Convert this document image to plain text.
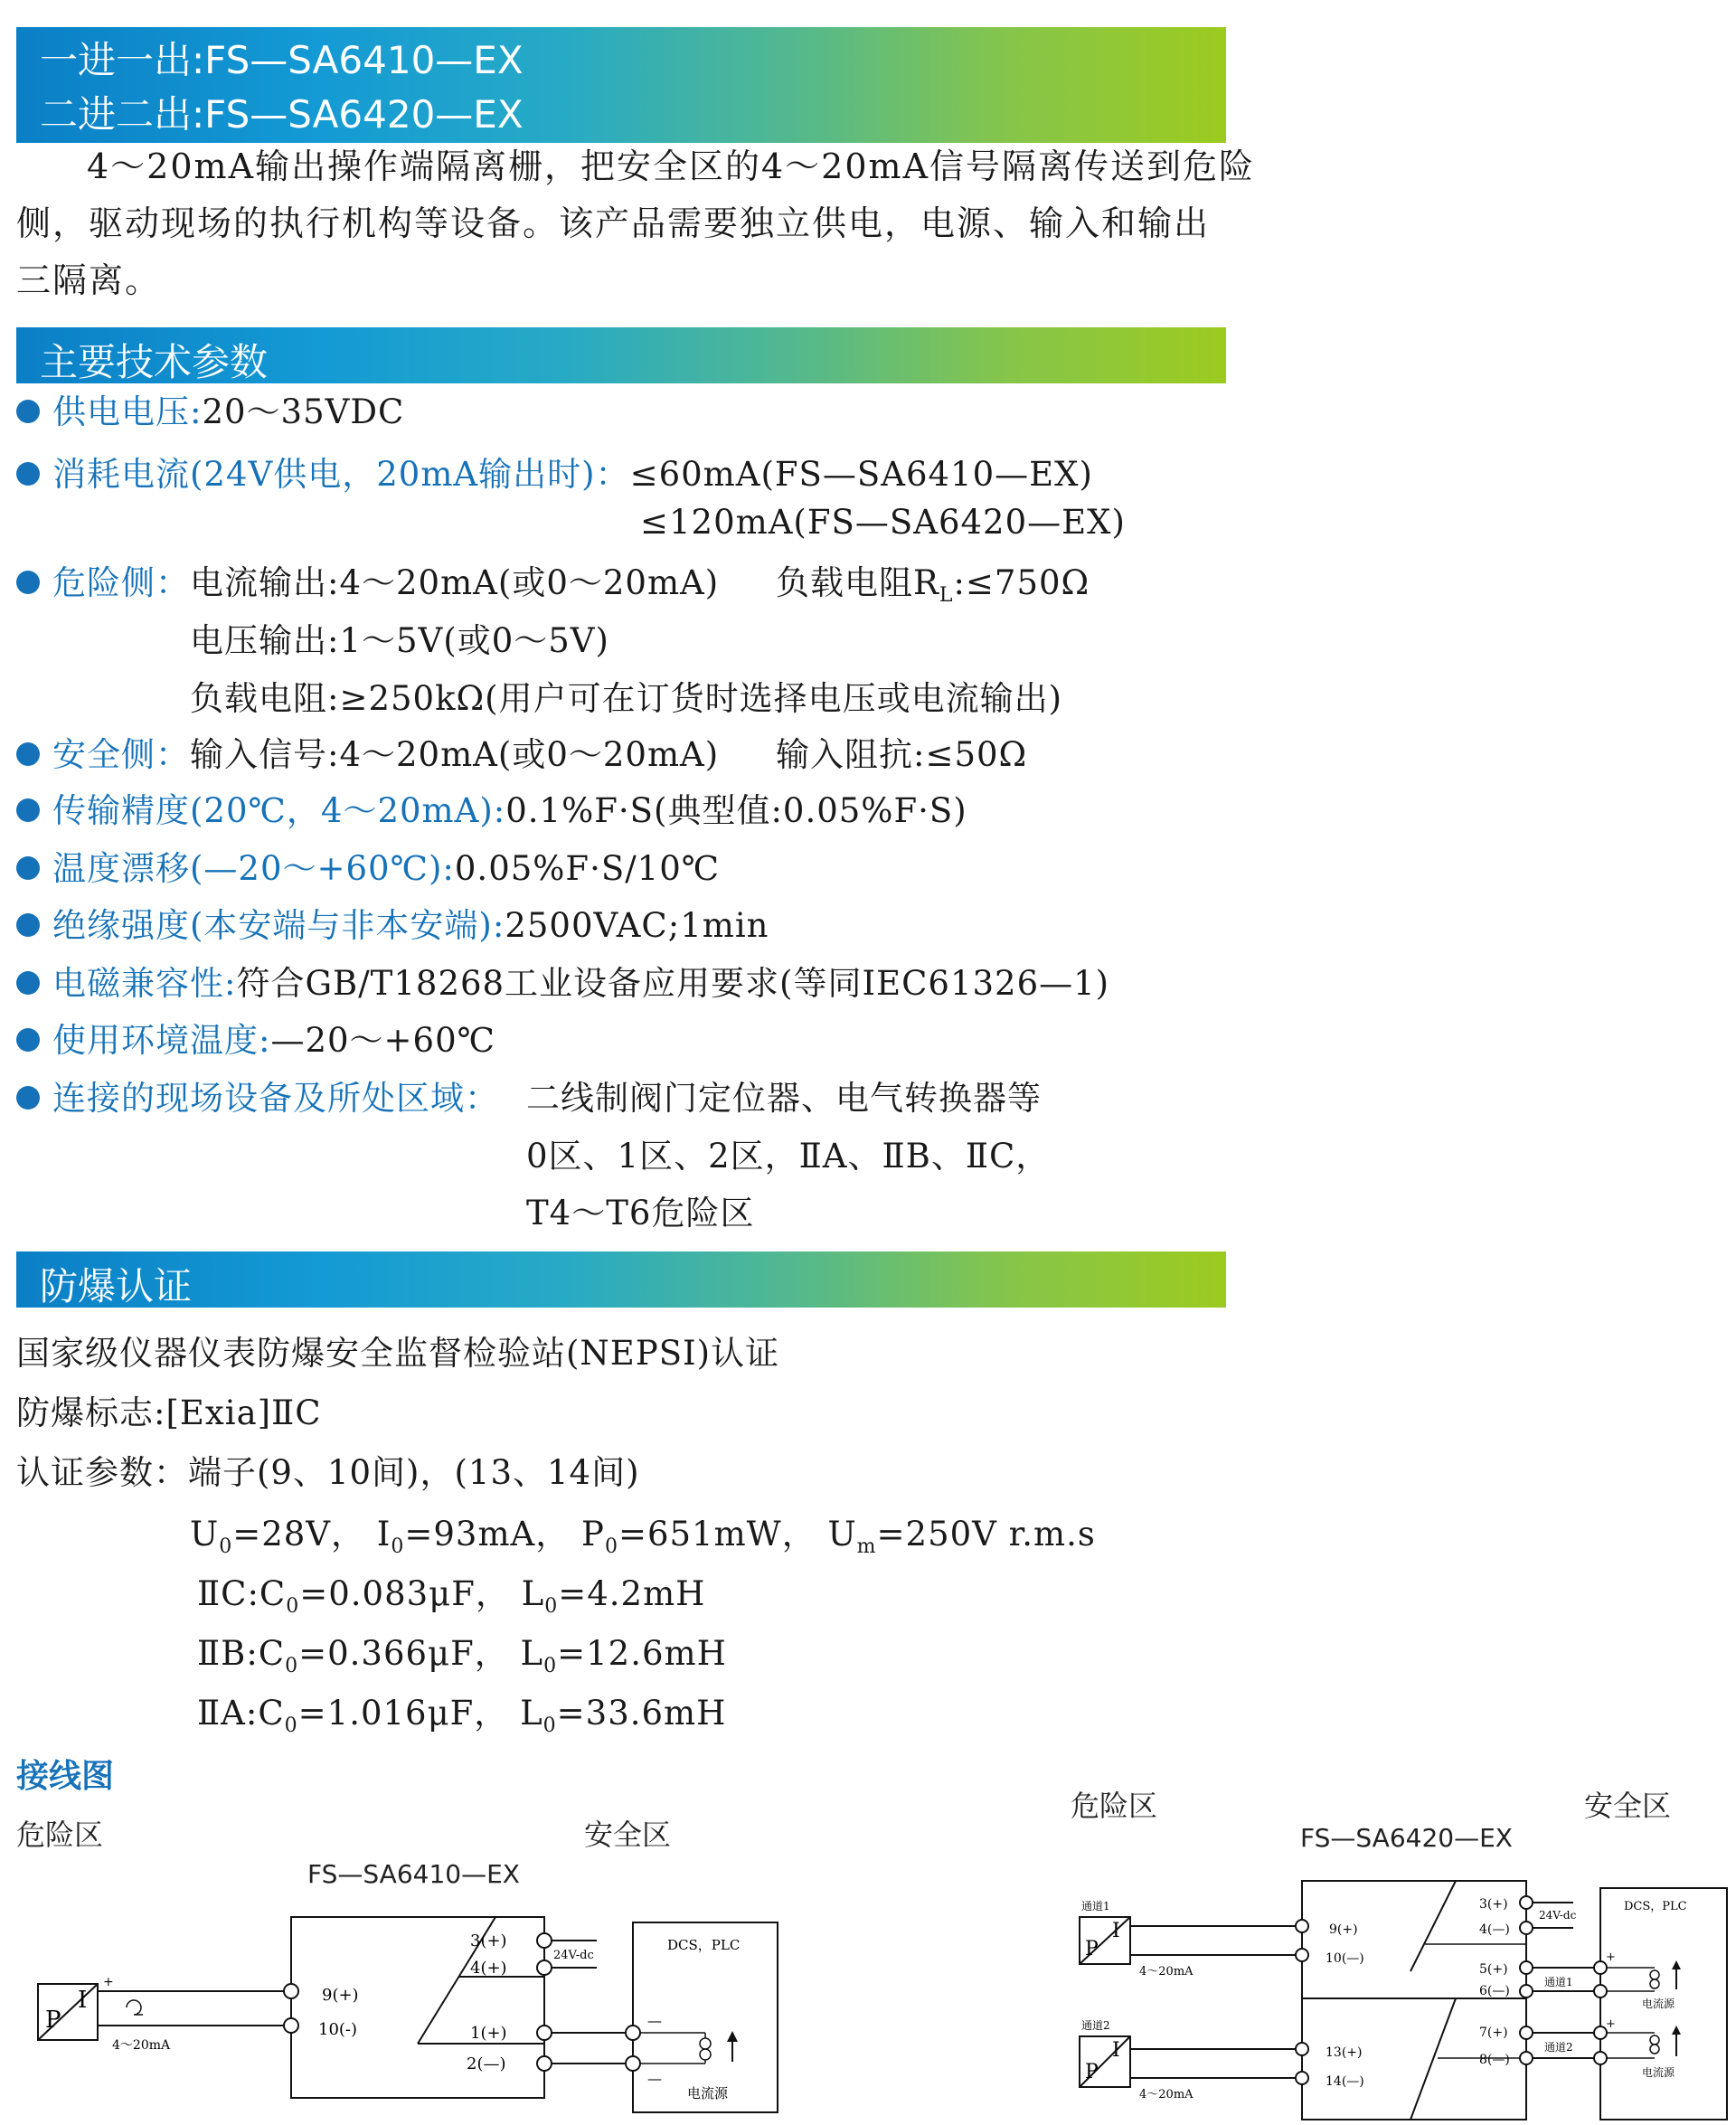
一进一出:FS—SA6410—EX
二进二出:FS—SA6420—EX
4～20mA输出操作端隔离栅，把安全区的4～20mA信号隔离传送到危险
侧，驱动现场的执行机构等设备。该产品需要独立供电，电源、输入和输出
三隔离。
主要技术参数
供电电压:20～35VDC
消耗电流(24V供电，20mA输出时)：≤60mA(FS—SA6410—EX)
≤120mA(FS—SA6420—EX)
危险侧：电流输出:4～20mA(或0～20mA) 负载电阻$R_L:\le 750\Omega$
电压输出:1～5V(或0～5V)
负载电阻:≥250kΩ(用户可在订货时选择电压或电流输出)
安全侧：输入信号:4～20mA(或0～20mA) 输入阻抗:≤50Ω
传输精度(20℃，4～20mA):0.1%F·S(典型值:0.05%F·S)
温度漂移(—20～+60℃):0.05%F·S/10℃
绝缘强度(本安端与非本安端):2500VAC;1min
电磁兼容性:符合GB/T18268工业设备应用要求(等同IEC61326—1)
使用环境温度:—20～+60℃
连接的现场设备及所处区域： 二线制阀门定位器、电气转换器等
0区、1区、2区，ⅡA、ⅡB、ⅡC，
T4～T6危险区
防爆认证
国家级仪器仪表防爆安全监督检验站(NEPSI)认证
防爆标志:[Exia]ⅡC
认证参数：端子(9、10间)，(13、14间)
$U_0=28V$， $I_0=93mA$， $P_0=651mW$， $U_m=250V$ r.m.s
$ⅡC:C_0=0.083\mu F$， $L_0=4.2mH$
$ⅡB:C_0=0.366\mu F$， $L_0=12.6mH$
$ⅡA:C_0=1.016\mu F$， $L_0=33.6mH$
接线图
危险区	安全区
FS—SA6410—EX
危险区	安全区
FS—SA6420—EX
P
I
4～20mA
+
9(+)
10(-)
3(+)
4(+)
1(+)
2(—)
24V-dc
DCS，PLC
—
—
电流源
通道1
P
I
4～20mA
通道2
P
I
4～20mA
9(+)
10(—)
13(+)
14(—)
3(+)
4(—)
5(+)
6(—)
7(+)
8(—)
24V-dc
通道1
通道2
DCS，PLC
电流源
电流源
+
+
